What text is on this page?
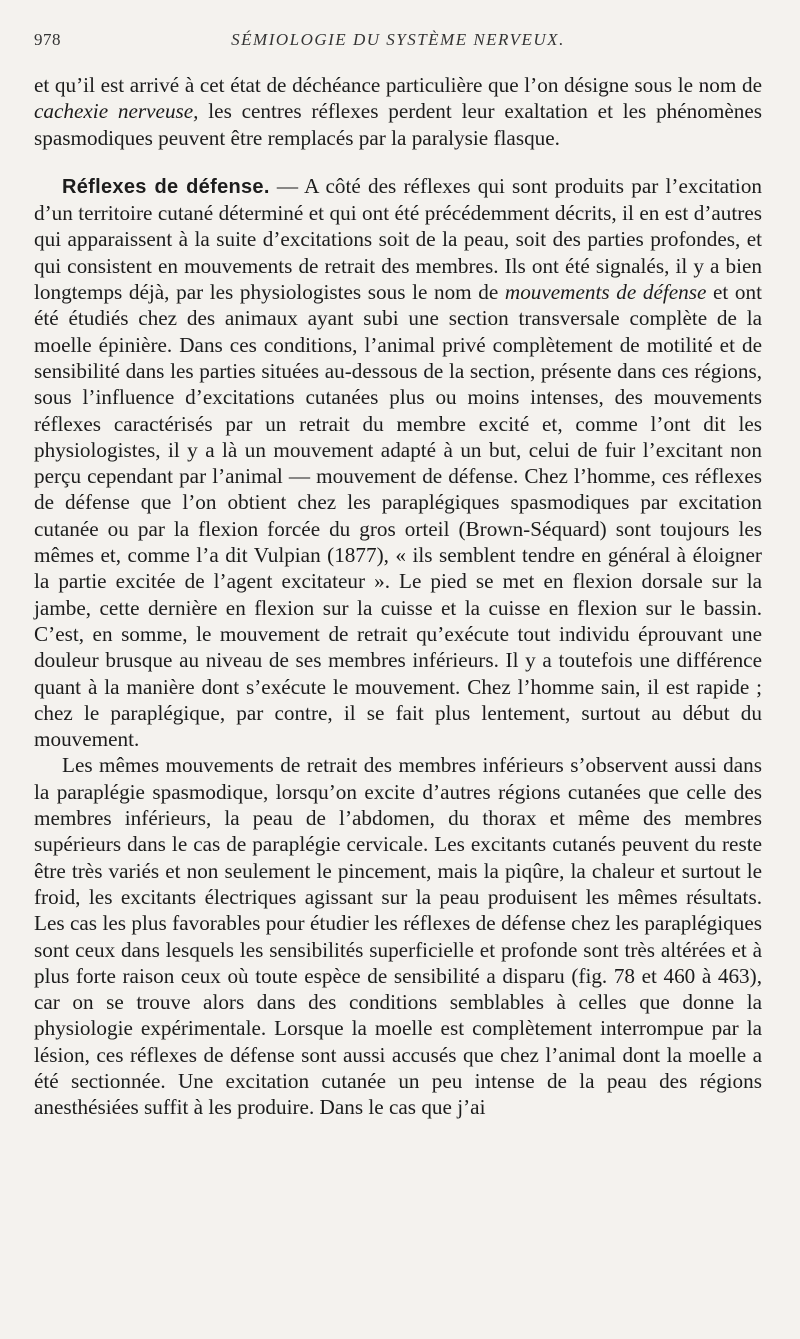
978	SÉMIOLOGIE DU SYSTÈME NERVEUX.

et qu’il est arrivé à cet état de déchéance particulière que l’on désigne sous le nom de cachexie nerveuse, les centres réflexes perdent leur exaltation et les phénomènes spasmodiques peuvent être remplacés par la paralysie flasque.

Réflexes de défense. — A côté des réflexes qui sont produits par l’excitation d’un territoire cutané déterminé et qui ont été précédemment décrits, il en est d’autres qui apparaissent à la suite d’excitations soit de la peau, soit des parties profondes, et qui consistent en mouvements de retrait des membres. Ils ont été signalés, il y a bien longtemps déjà, par les physiologistes sous le nom de mouvements de défense et ont été étudiés chez des animaux ayant subi une section transversale complète de la moelle épinière. Dans ces conditions, l’animal privé complètement de motilité et de sensibilité dans les parties situées au-dessous de la section, présente dans ces régions, sous l’influence d’excitations cutanées plus ou moins intenses, des mouvements réflexes caractérisés par un retrait du membre excité et, comme l’ont dit les physiologistes, il y a là un mouvement adapté à un but, celui de fuir l’excitant non perçu cependant par l’animal — mouvement de défense. Chez l’homme, ces réflexes de défense que l’on obtient chez les paraplégiques spasmodiques par excitation cutanée ou par la flexion forcée du gros orteil (Brown-Séquard) sont toujours les mêmes et, comme l’a dit Vulpian (1877), « ils semblent tendre en général à éloigner la partie excitée de l’agent excitateur ». Le pied se met en flexion dorsale sur la jambe, cette dernière en flexion sur la cuisse et la cuisse en flexion sur le bassin. C’est, en somme, le mouvement de retrait qu’exécute tout individu éprouvant une douleur brusque au niveau de ses membres inférieurs. Il y a toutefois une différence quant à la manière dont s’exécute le mouvement. Chez l’homme sain, il est rapide ; chez le paraplégique, par contre, il se fait plus lentement, surtout au début du mouvement.

Les mêmes mouvements de retrait des membres inférieurs s’observent aussi dans la paraplégie spasmodique, lorsqu’on excite d’autres régions cutanées que celle des membres inférieurs, la peau de l’abdomen, du thorax et même des membres supérieurs dans le cas de paraplégie cervicale. Les excitants cutanés peuvent du reste être très variés et non seulement le pincement, mais la piqûre, la chaleur et surtout le froid, les excitants électriques agissant sur la peau produisent les mêmes résultats. Les cas les plus favorables pour étudier les réflexes de défense chez les paraplégiques sont ceux dans lesquels les sensibilités superficielle et profonde sont très altérées et à plus forte raison ceux où toute espèce de sensibilité a disparu (fig. 78 et 460 à 463), car on se trouve alors dans des conditions semblables à celles que donne la physiologie expérimentale. Lorsque la moelle est complètement interrompue par la lésion, ces réflexes de défense sont aussi accusés que chez l’animal dont la moelle a été sectionnée. Une excitation cutanée un peu intense de la peau des régions anesthésiées suffit à les produire. Dans le cas que j’ai
